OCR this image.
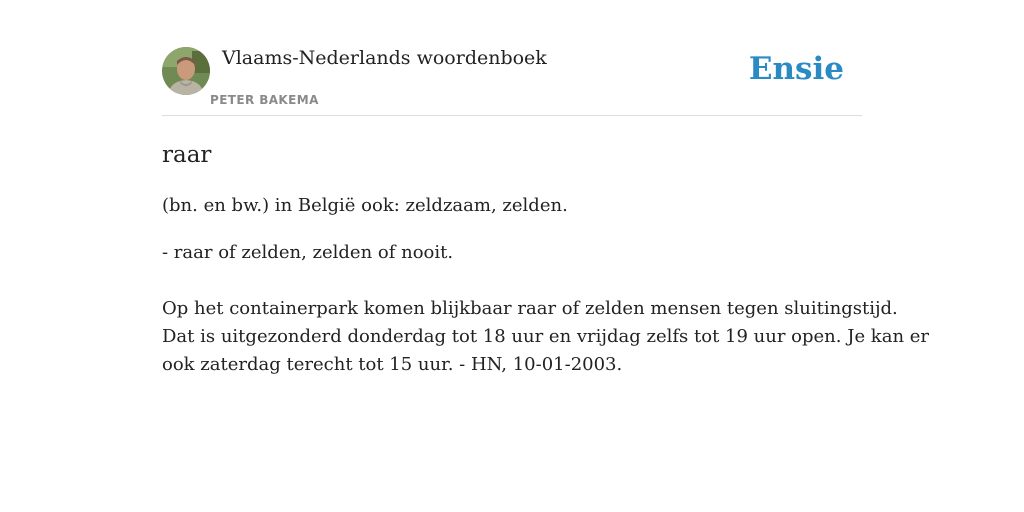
Vlaams-Nederlands woordenboek
PETER BAKEMA
Ensie
raar
(bn. en bw.) in België ook: zeldzaam, zelden.
- raar of zelden, zelden of nooit.
Op het containerpark komen blijkbaar raar of zelden mensen tegen sluitingstijd.
Dat is uitgezonderd donderdag tot 18 uur en vrijdag zelfs tot 19 uur open. Je kan er
ook zaterdag terecht tot 15 uur. - HN, 10-01-2003.
